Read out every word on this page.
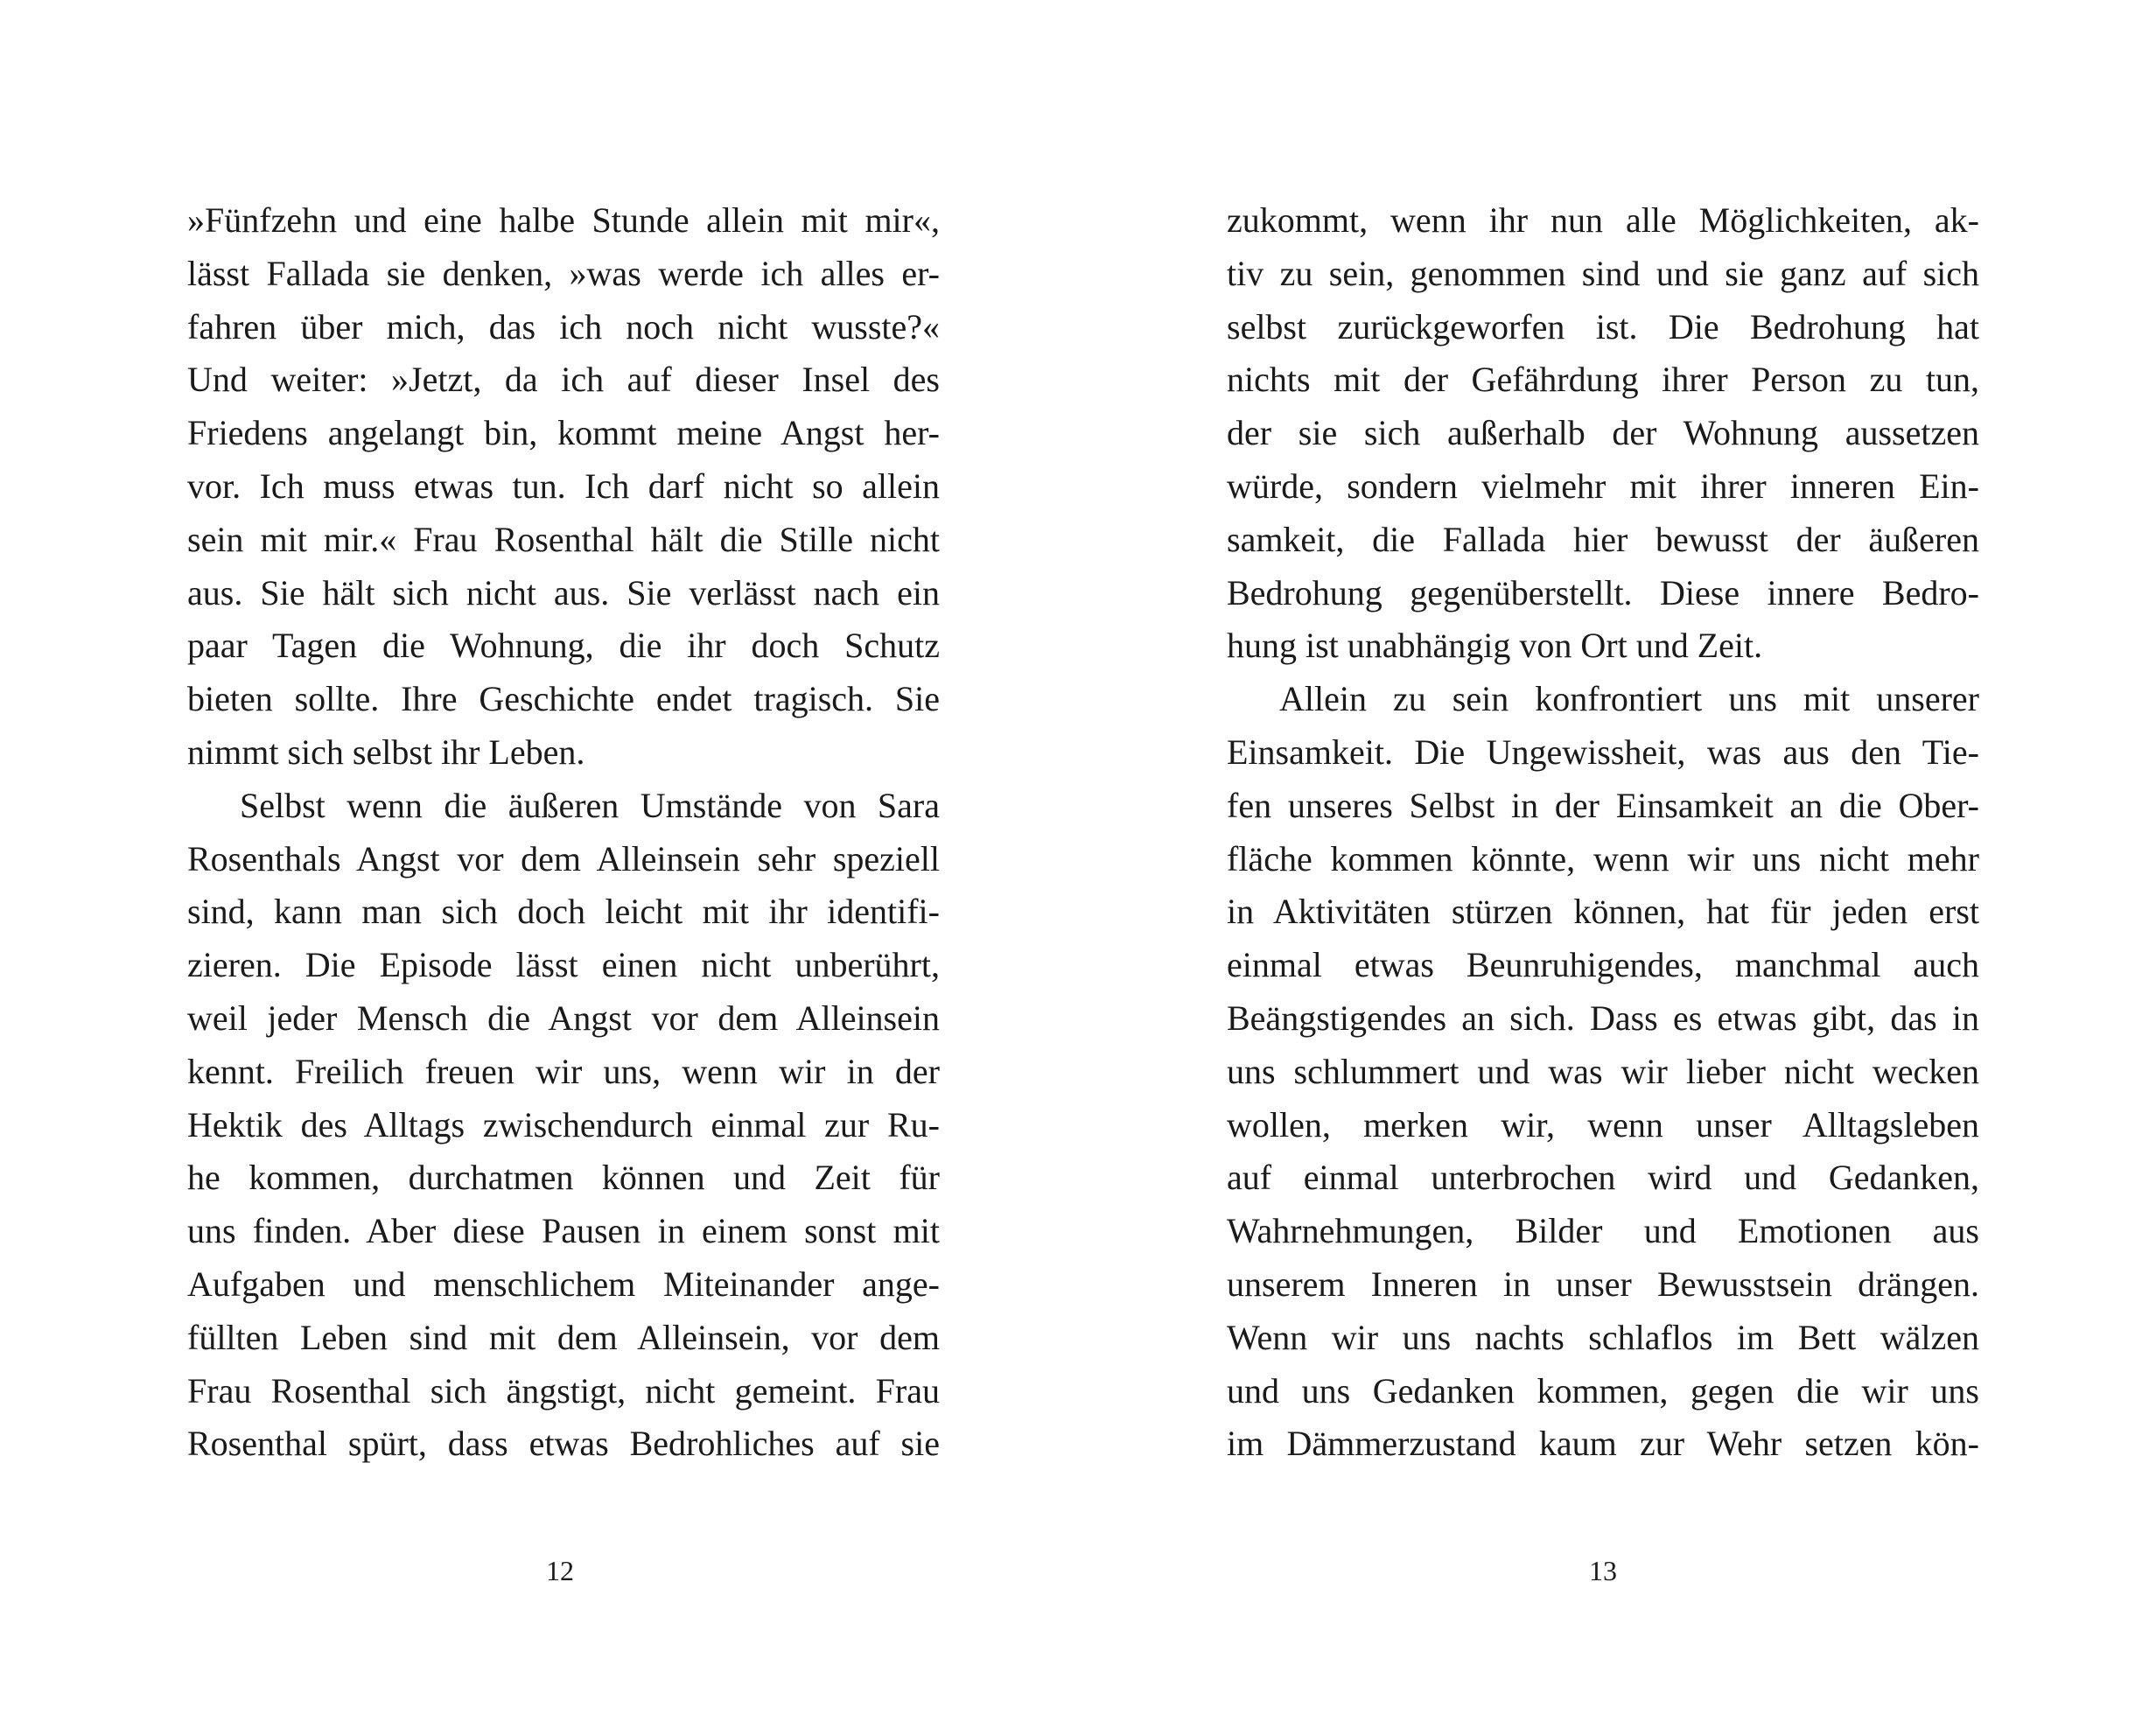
»Fünfzehn und eine halbe Stunde allein mit mir«,
lässt Fallada sie denken, »was werde ich alles er-
fahren über mich, das ich noch nicht wusste?«
Und weiter: »Jetzt, da ich auf dieser Insel des
Friedens angelangt bin, kommt meine Angst her-
vor. Ich muss etwas tun. Ich darf nicht so allein
sein mit mir.« Frau Rosenthal hält die Stille nicht
aus. Sie hält sich nicht aus. Sie verlässt nach ein
paar Tagen die Wohnung, die ihr doch Schutz
bieten sollte. Ihre Geschichte endet tragisch. Sie
nimmt sich selbst ihr Leben.
Selbst wenn die äußeren Umstände von Sara
Rosenthals Angst vor dem Alleinsein sehr speziell
sind, kann man sich doch leicht mit ihr identifi-
zieren. Die Episode lässt einen nicht unberührt,
weil jeder Mensch die Angst vor dem Alleinsein
kennt. Freilich freuen wir uns, wenn wir in der
Hektik des Alltags zwischendurch einmal zur Ru-
he kommen, durchatmen können und Zeit für
uns finden. Aber diese Pausen in einem sonst mit
Aufgaben und menschlichem Miteinander ange-
füllten Leben sind mit dem Alleinsein, vor dem
Frau Rosenthal sich ängstigt, nicht gemeint. Frau
Rosenthal spürt, dass etwas Bedrohliches auf sie
12
zukommt, wenn ihr nun alle Möglichkeiten, ak-
tiv zu sein, genommen sind und sie ganz auf sich
selbst zurückgeworfen ist. Die Bedrohung hat
nichts mit der Gefährdung ihrer Person zu tun,
der sie sich außerhalb der Wohnung aussetzen
würde, sondern vielmehr mit ihrer inneren Ein-
samkeit, die Fallada hier bewusst der äußeren
Bedrohung gegenüberstellt. Diese innere Bedro-
hung ist unabhängig von Ort und Zeit.
Allein zu sein konfrontiert uns mit unserer
Einsamkeit. Die Ungewissheit, was aus den Tie-
fen unseres Selbst in der Einsamkeit an die Ober-
fläche kommen könnte, wenn wir uns nicht mehr
in Aktivitäten stürzen können, hat für jeden erst
einmal etwas Beunruhigendes, manchmal auch
Beängstigendes an sich. Dass es etwas gibt, das in
uns schlummert und was wir lieber nicht wecken
wollen, merken wir, wenn unser Alltagsleben
auf einmal unterbrochen wird und Gedanken,
Wahrnehmungen, Bilder und Emotionen aus
unserem Inneren in unser Bewusstsein drängen.
Wenn wir uns nachts schlaflos im Bett wälzen
und uns Gedanken kommen, gegen die wir uns
im Dämmerzustand kaum zur Wehr setzen kön-
13
